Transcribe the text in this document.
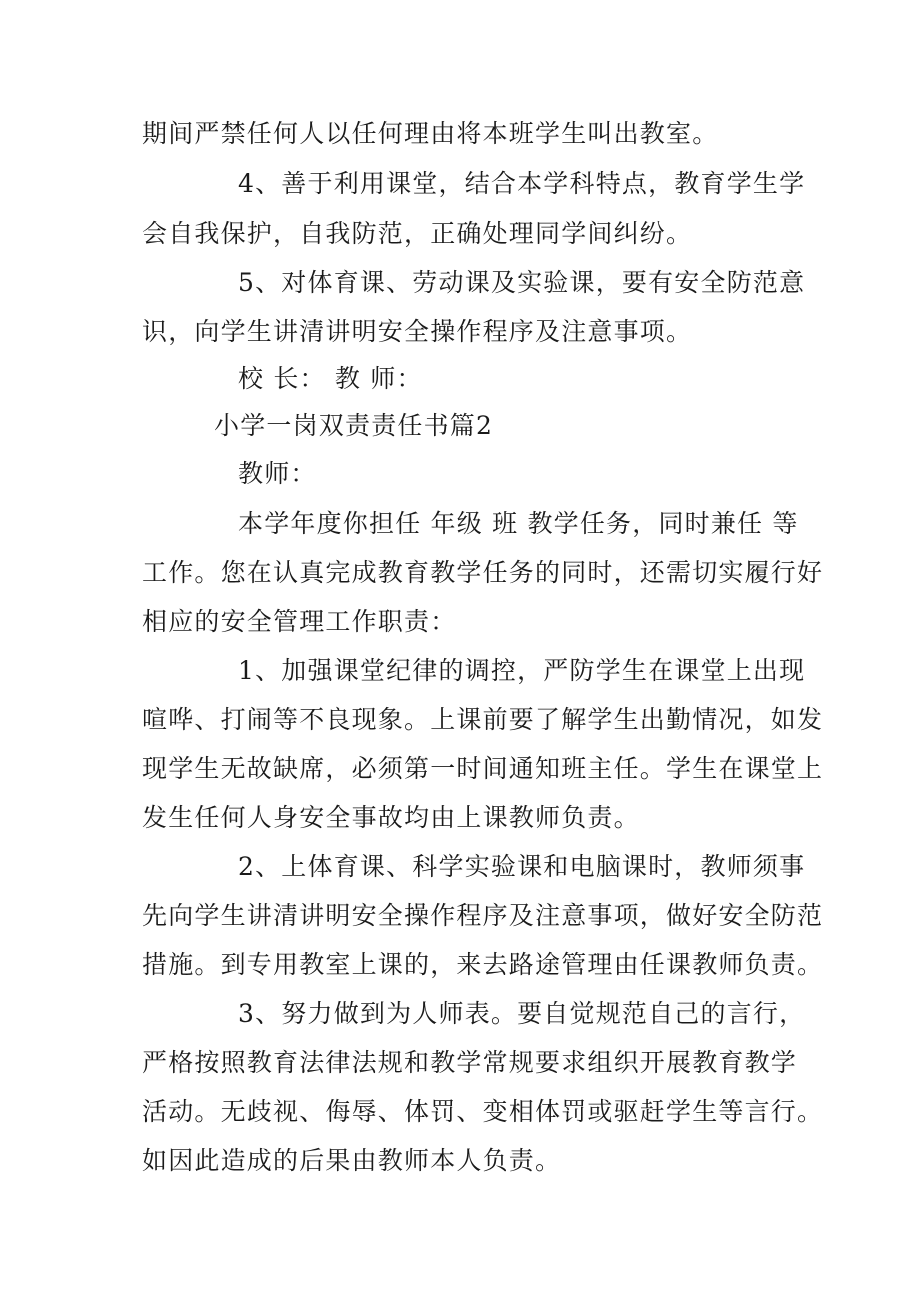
期间严禁任何人以任何理由将本班学生叫出教室。
4、善于利用课堂，结合本学科特点，教育学生学
会自我保护，自我防范，正确处理同学间纠纷。
5、对体育课、劳动课及实验课，要有安全防范意
识，向学生讲清讲明安全操作程序及注意事项。
校 长： 教 师：
小学一岗双责责任书篇2
教师：
本学年度你担任 年级 班 教学任务，同时兼任 等
工作。您在认真完成教育教学任务的同时，还需切实履行好
相应的安全管理工作职责：
1、加强课堂纪律的调控，严防学生在课堂上出现
喧哗、打闹等不良现象。上课前要了解学生出勤情况，如发
现学生无故缺席，必须第一时间通知班主任。学生在课堂上
发生任何人身安全事故均由上课教师负责。
2、上体育课、科学实验课和电脑课时，教师须事
先向学生讲清讲明安全操作程序及注意事项，做好安全防范
措施。到专用教室上课的，来去路途管理由任课教师负责。
3、努力做到为人师表。要自觉规范自己的言行，
严格按照教育法律法规和教学常规要求组织开展教育教学
活动。无歧视、侮辱、体罚、变相体罚或驱赶学生等言行。
如因此造成的后果由教师本人负责。
